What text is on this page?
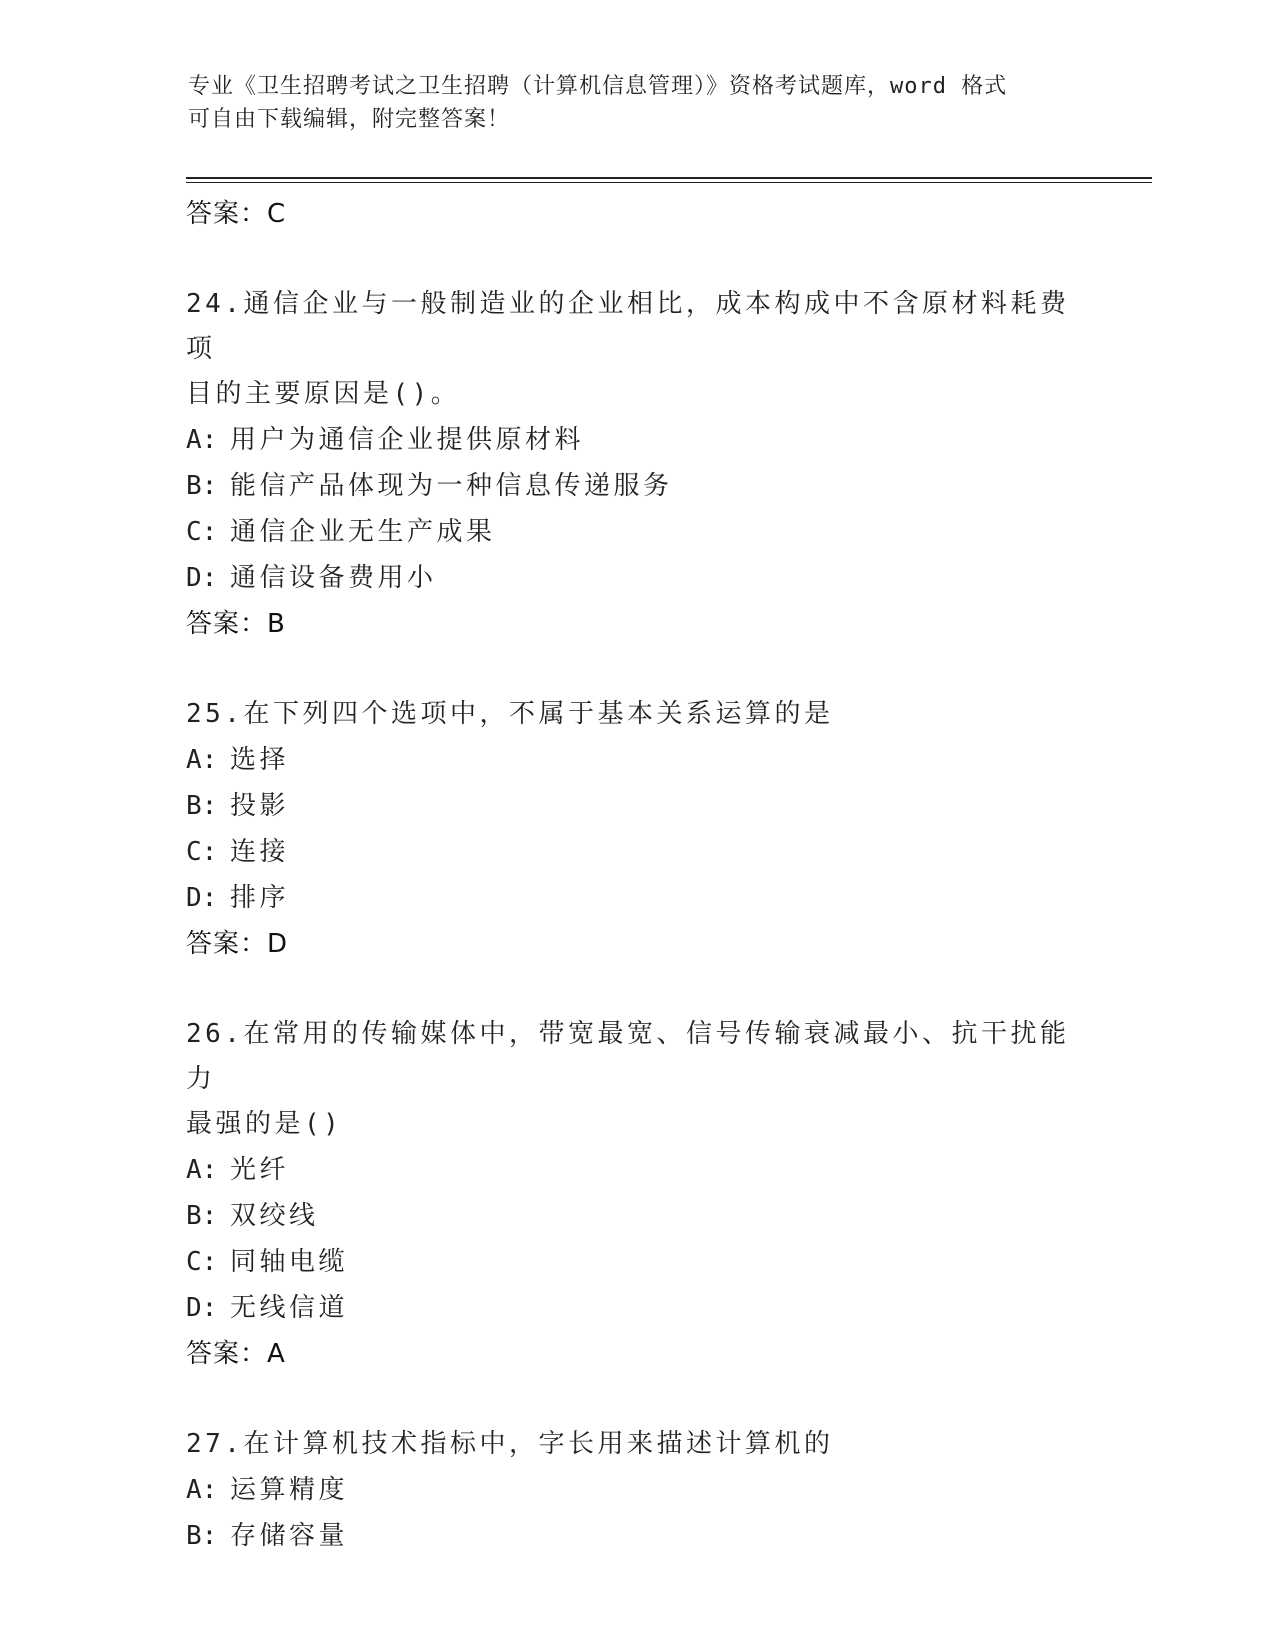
专业《卫生招聘考试之卫生招聘（计算机信息管理）》资格考试题库，word 格式
可自由下载编辑，附完整答案！
答案：C
24.通信企业与一般制造业的企业相比，成本构成中不含原材料耗费项
目的主要原因是()。
A: 用户为通信企业提供原材料
B: 能信产品体现为一种信息传递服务
C: 通信企业无生产成果
D: 通信设备费用小
答案：B
25.在下列四个选项中，不属于基本关系运算的是
A: 选择
B: 投影
C: 连接
D: 排序
答案：D
26.在常用的传输媒体中，带宽最宽、信号传输衰减最小、抗干扰能力
最强的是()
A: 光纤
B: 双绞线
C: 同轴电缆
D: 无线信道
答案：A
27.在计算机技术指标中，字长用来描述计算机的
A: 运算精度
B: 存储容量
